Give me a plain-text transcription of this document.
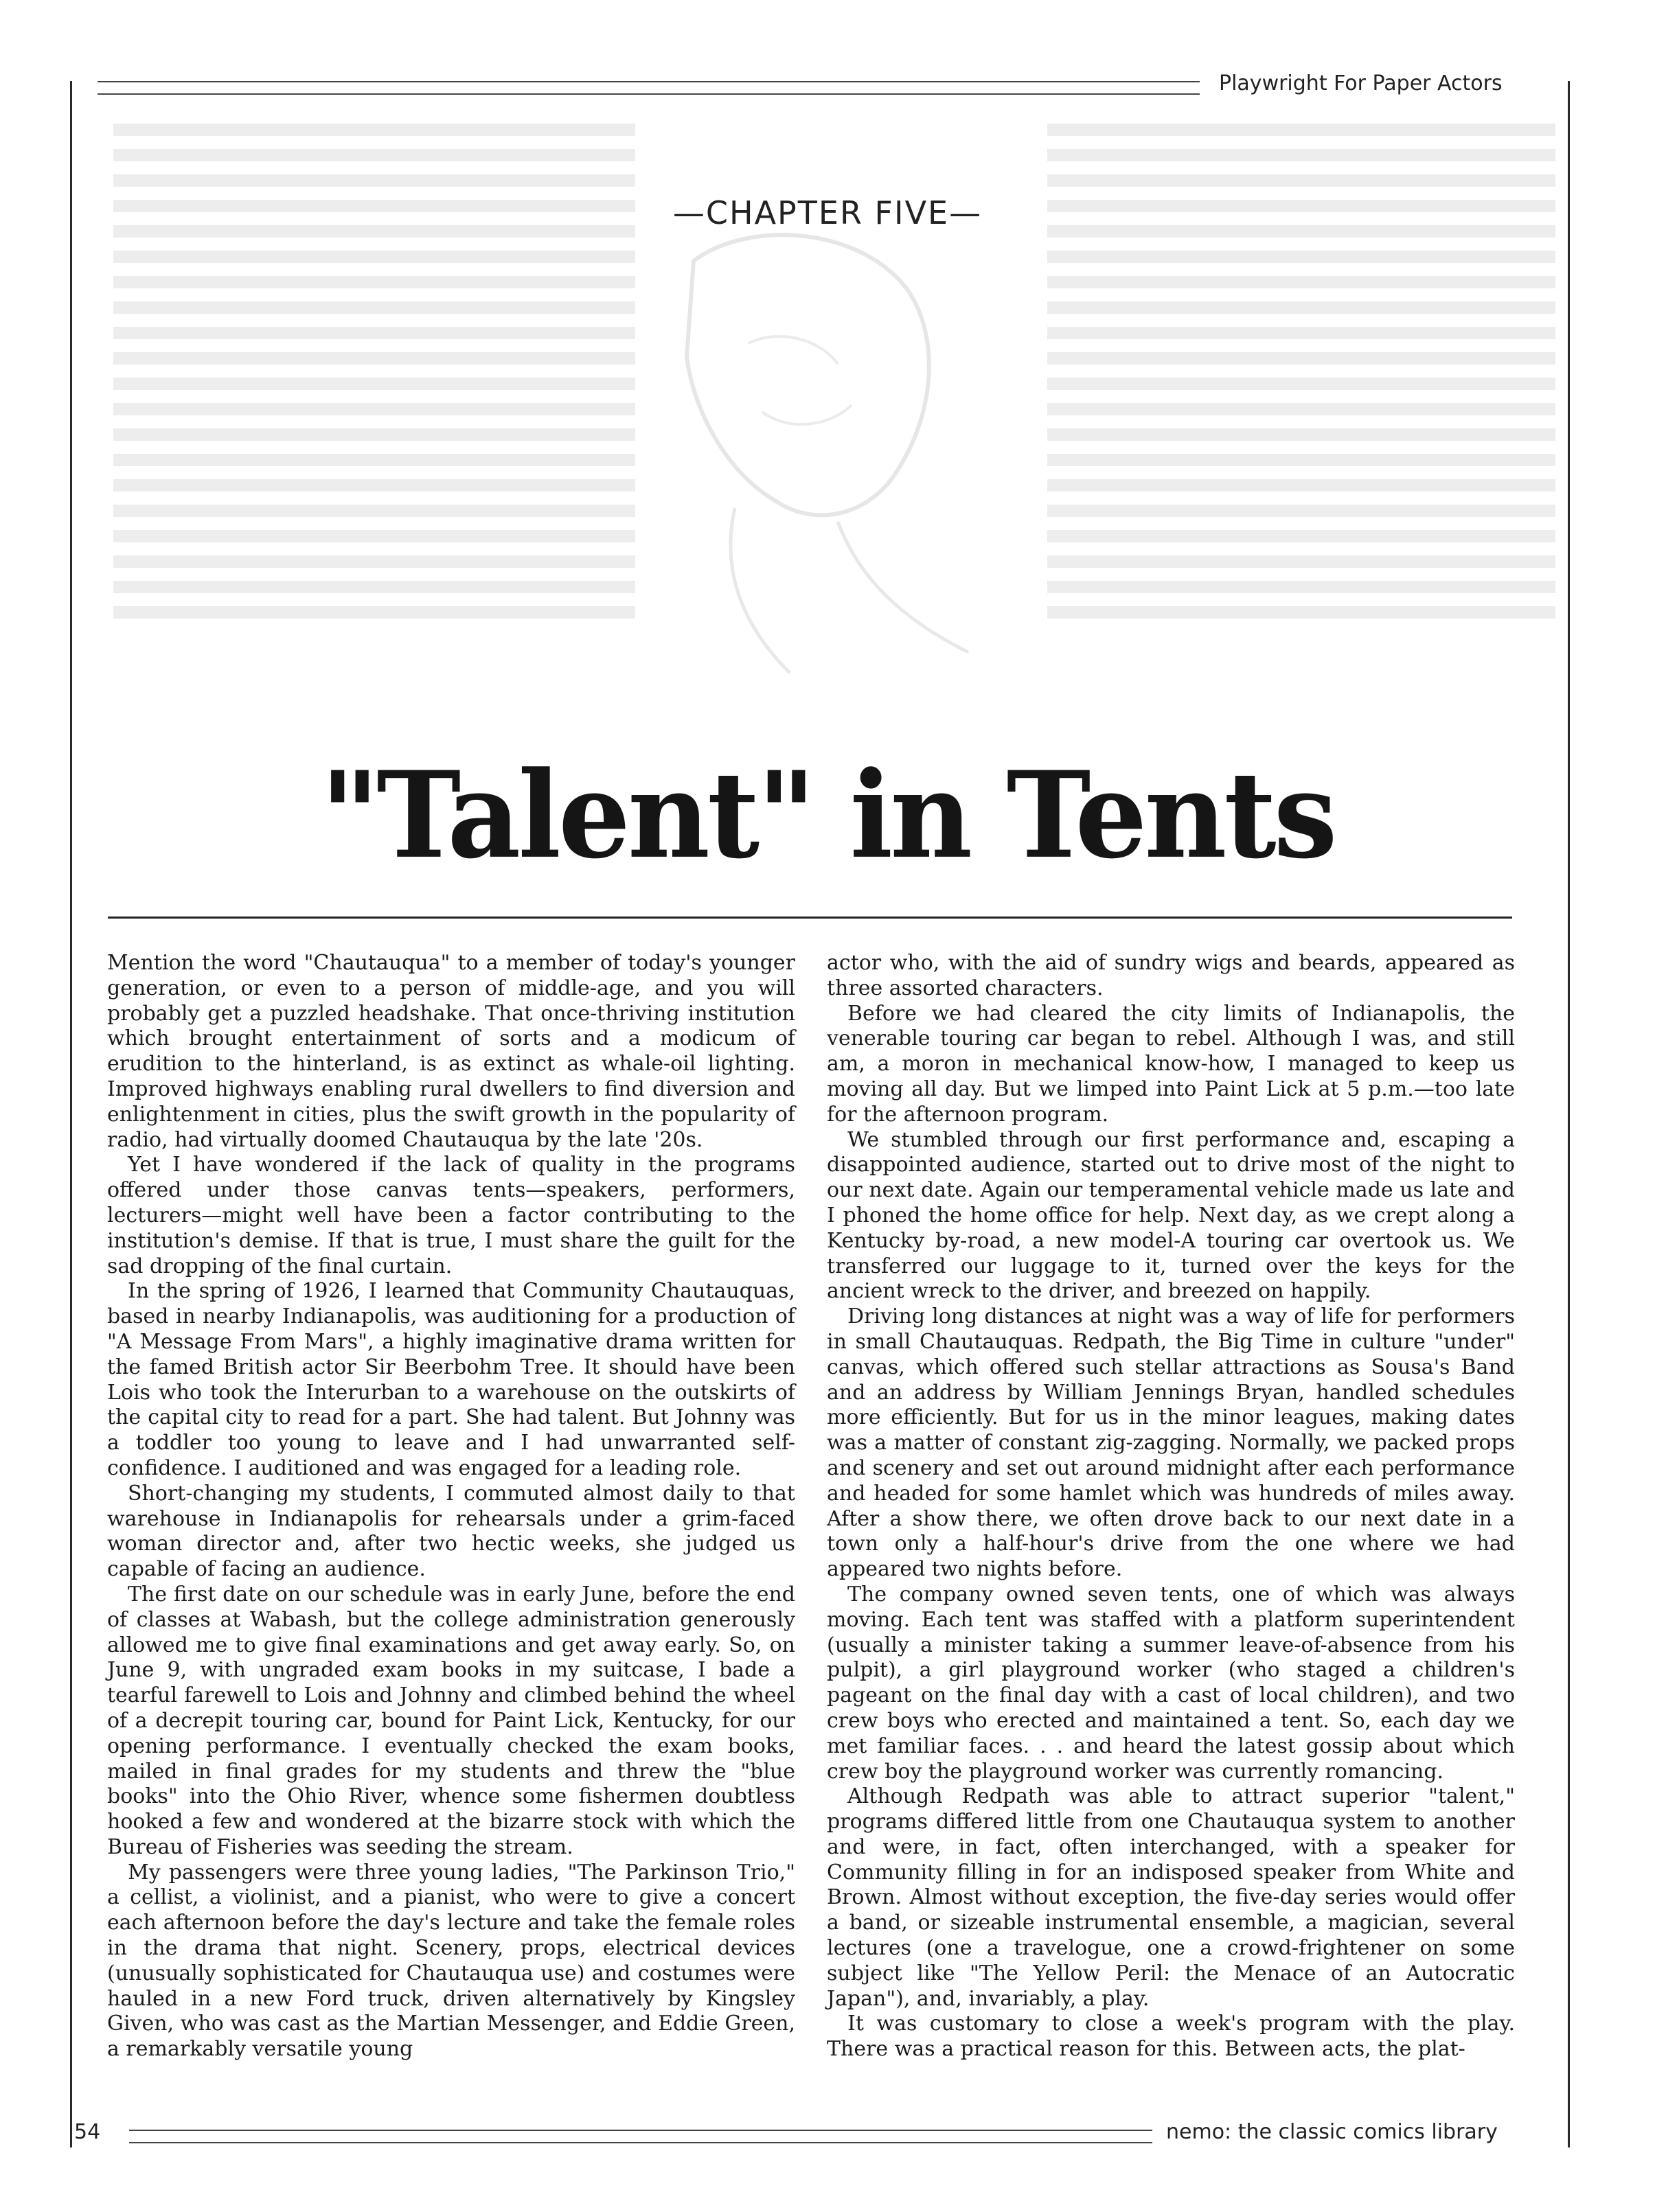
Playwright For Paper Actors
—CHAPTER FIVE—
"Talent" in Tents

Mention the word "Chautauqua" to a member of today's younger generation, or even to a person of middle-age, and you will probably get a puzzled headshake. That once-thriving institution which brought entertainment of sorts and a modicum of erudition to the hinterland, is as extinct as whale-oil lighting. Improved highways enabling rural dwellers to find diversion and enlightenment in cities, plus the swift growth in the popularity of radio, had virtually doomed Chautauqua by the late '20s.

Yet I have wondered if the lack of quality in the programs offered under those canvas tents—speakers, performers, lecturers—might well have been a factor contributing to the institution's demise. If that is true, I must share the guilt for the sad dropping of the final curtain.

In the spring of 1926, I learned that Community Chautauquas, based in nearby Indianapolis, was auditioning for a production of "A Message From Mars", a highly imaginative drama written for the famed British actor Sir Beerbohm Tree. It should have been Lois who took the Interurban to a warehouse on the outskirts of the capital city to read for a part. She had talent. But Johnny was a toddler too young to leave and I had unwarranted self-confidence. I auditioned and was engaged for a leading role.

Short-changing my students, I commuted almost daily to that warehouse in Indianapolis for rehearsals under a grim-faced woman director and, after two hectic weeks, she judged us capable of facing an audience.

The first date on our schedule was in early June, before the end of classes at Wabash, but the college administration generously allowed me to give final examinations and get away early. So, on June 9, with ungraded exam books in my suitcase, I bade a tearful farewell to Lois and Johnny and climbed behind the wheel of a decrepit touring car, bound for Paint Lick, Kentucky, for our opening performance. I eventually checked the exam books, mailed in final grades for my students and threw the "blue books" into the Ohio River, whence some fishermen doubtless hooked a few and wondered at the bizarre stock with which the Bureau of Fisheries was seeding the stream.

My passengers were three young ladies, "The Parkinson Trio," a cellist, a violinist, and a pianist, who were to give a concert each afternoon before the day's lecture and take the female roles in the drama that night. Scenery, props, electrical devices (unusually sophisticated for Chautauqua use) and costumes were hauled in a new Ford truck, driven alternatively by Kingsley Given, who was cast as the Martian Messenger, and Eddie Green, a remarkably versatile young

actor who, with the aid of sundry wigs and beards, appeared as three assorted characters.

Before we had cleared the city limits of Indianapolis, the venerable touring car began to rebel. Although I was, and still am, a moron in mechanical know-how, I managed to keep us moving all day. But we limped into Paint Lick at 5 p.m.—too late for the afternoon program.

We stumbled through our first performance and, escaping a disappointed audience, started out to drive most of the night to our next date. Again our temperamental vehicle made us late and I phoned the home office for help. Next day, as we crept along a Kentucky by-road, a new model-A touring car overtook us. We transferred our luggage to it, turned over the keys for the ancient wreck to the driver, and breezed on happily.

Driving long distances at night was a way of life for performers in small Chautauquas. Redpath, the Big Time in culture "under" canvas, which offered such stellar attractions as Sousa's Band and an address by William Jennings Bryan, handled schedules more efficiently. But for us in the minor leagues, making dates was a matter of constant zig-zagging. Normally, we packed props and scenery and set out around midnight after each performance and headed for some hamlet which was hundreds of miles away. After a show there, we often drove back to our next date in a town only a half-hour's drive from the one where we had appeared two nights before.

The company owned seven tents, one of which was always moving. Each tent was staffed with a platform superintendent (usually a minister taking a summer leave-of-absence from his pulpit), a girl playground worker (who staged a children's pageant on the final day with a cast of local children), and two crew boys who erected and maintained a tent. So, each day we met familiar faces. . . and heard the latest gossip about which crew boy the playground worker was currently romancing.

Although Redpath was able to attract superior "talent," programs differed little from one Chautauqua system to another and were, in fact, often interchanged, with a speaker for Community filling in for an indisposed speaker from White and Brown. Almost without exception, the five-day series would offer a band, or sizeable instrumental ensemble, a magician, several lectures (one a travelogue, one a crowd-frightener on some subject like "The Yellow Peril: the Menace of an Autocratic Japan"), and, invariably, a play.

It was customary to close a week's program with the play. There was a practical reason for this. Between acts, the plat-

54	nemo: the classic comics library
